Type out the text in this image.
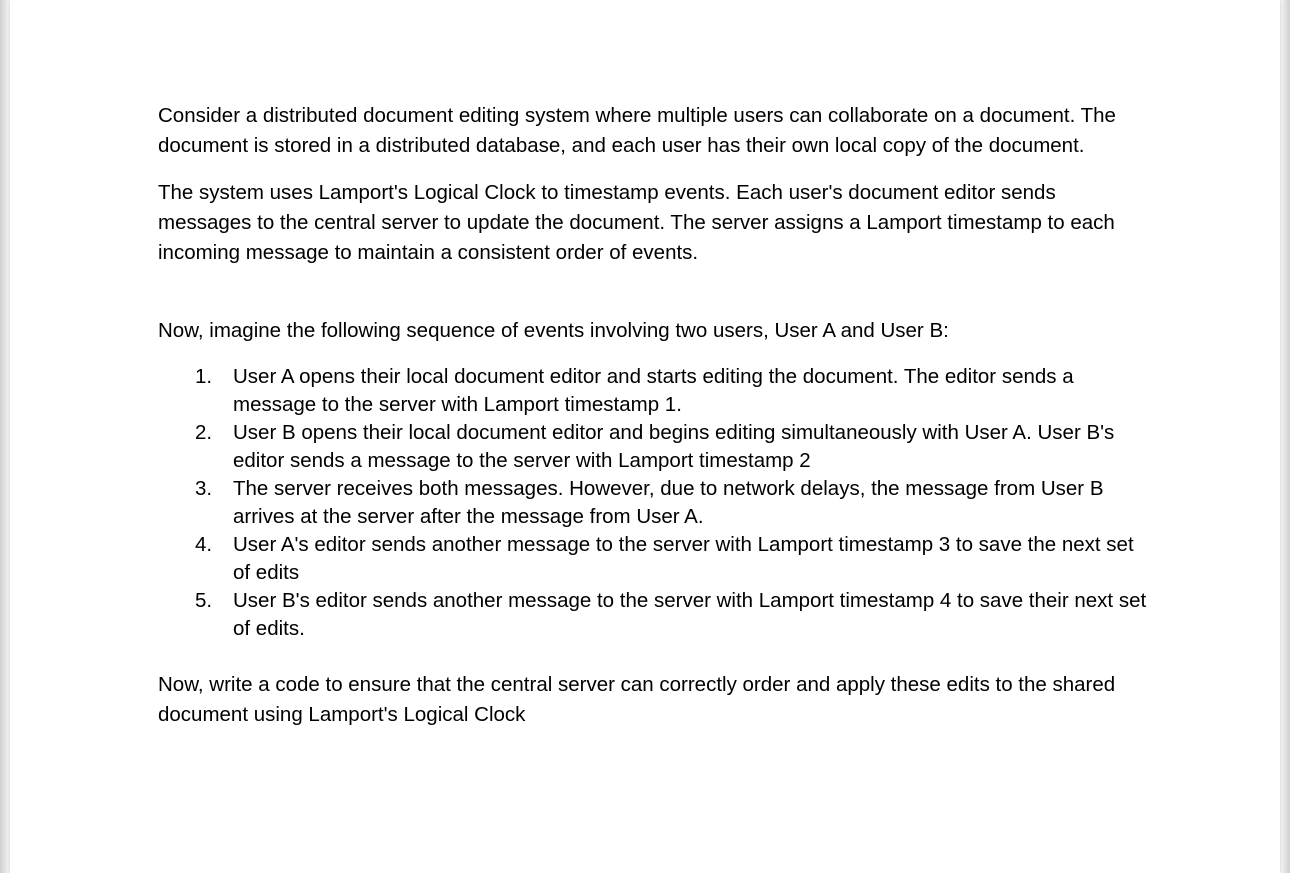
Consider a distributed document editing system where multiple users can collaborate on a document. The document is stored in a distributed database, and each user has their own local copy of the document.

The system uses Lamport's Logical Clock to timestamp events. Each user's document editor sends messages to the central server to update the document. The server assigns a Lamport timestamp to each incoming message to maintain a consistent order of events.

Now, imagine the following sequence of events involving two users, User A and User B:

1. User A opens their local document editor and starts editing the document. The editor sends a message to the server with Lamport timestamp 1.
2. User B opens their local document editor and begins editing simultaneously with User A. User B's editor sends a message to the server with Lamport timestamp 2
3. The server receives both messages. However, due to network delays, the message from User B arrives at the server after the message from User A.
4. User A's editor sends another message to the server with Lamport timestamp 3 to save the next set of edits
5. User B's editor sends another message to the server with Lamport timestamp 4 to save their next set of edits.

Now, write a code to ensure that the central server can correctly order and apply these edits to the shared document using Lamport's Logical Clock
